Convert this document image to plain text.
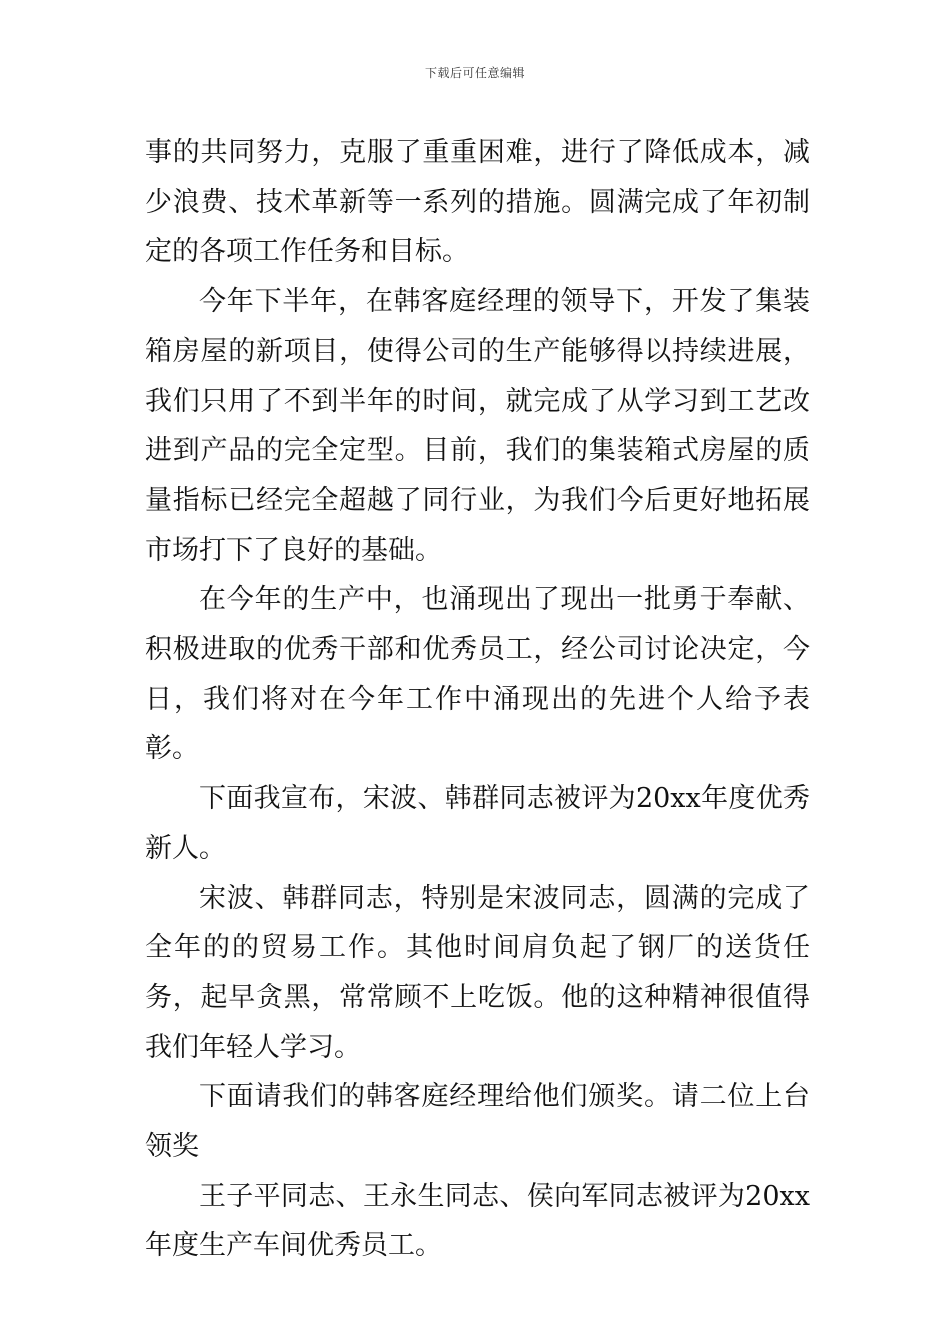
下载后可任意编辑

事的共同努力，克服了重重困难，进行了降低成本，减少浪费、技术革新等一系列的措施。圆满完成了年初制定的各项工作任务和目标。

今年下半年，在韩客庭经理的领导下，开发了集装箱房屋的新项目，使得公司的生产能够得以持续进展，我们只用了不到半年的时间，就完成了从学习到工艺改进到产品的完全定型。目前，我们的集装箱式房屋的质量指标已经完全超越了同行业，为我们今后更好地拓展市场打下了良好的基础。

在今年的生产中，也涌现出了现出一批勇于奉献、积极进取的优秀干部和优秀员工，经公司讨论决定，今日，我们将对在今年工作中涌现出的先进个人给予表彰。

下面我宣布，宋波、韩群同志被评为20xx年度优秀新人。

宋波、韩群同志，特别是宋波同志，圆满的完成了全年的的贸易工作。其他时间肩负起了钢厂的送货任务，起早贪黑，常常顾不上吃饭。他的这种精神很值得我们年轻人学习。

下面请我们的韩客庭经理给他们颁奖。请二位上台领奖

王子平同志、王永生同志、侯向军同志被评为20xx年度生产车间优秀员工。
